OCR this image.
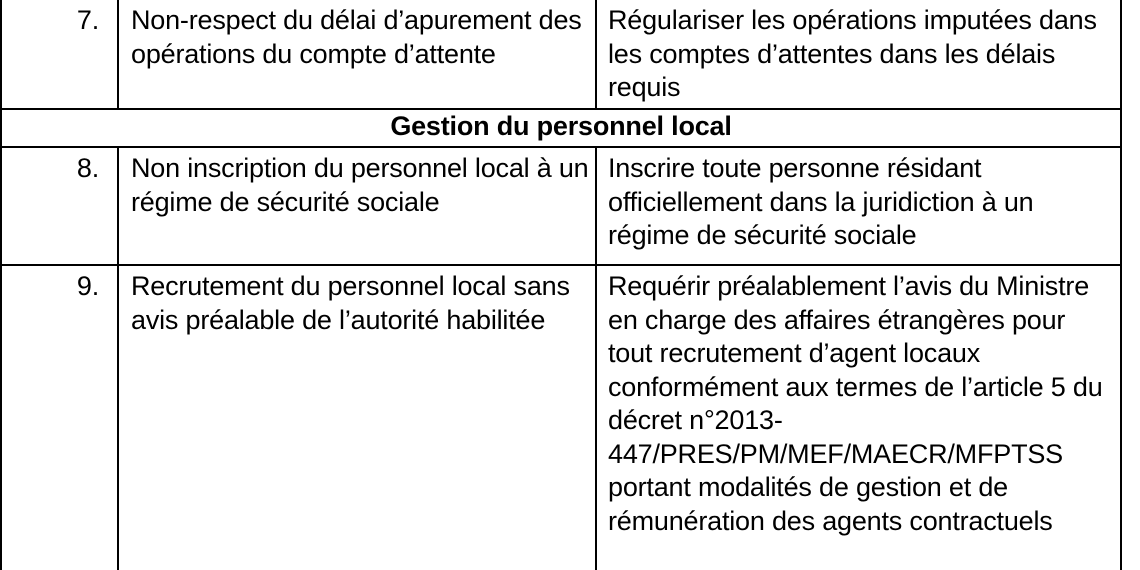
7.	Non-respect du délai d’apurement des opérations du compte d’attente	Régulariser les opérations imputées dans les comptes d’attentes dans les délais requis
Gestion du personnel local		
8.	Non inscription du personnel local à un régime de sécurité sociale	Inscrire toute personne résidant officiellement dans la juridiction à un régime de sécurité sociale
9.	Recrutement du personnel local sans avis préalable de l’autorité habilitée	Requérir préalablement l’avis du Ministre en charge des affaires étrangères pour tout recrutement d’agent locaux conformément aux termes de l’article 5 du décret n°2013-447/PRES/PM/MEF/MAECR/MFPTSS portant modalités de gestion et de rémunération des agents contractuels
